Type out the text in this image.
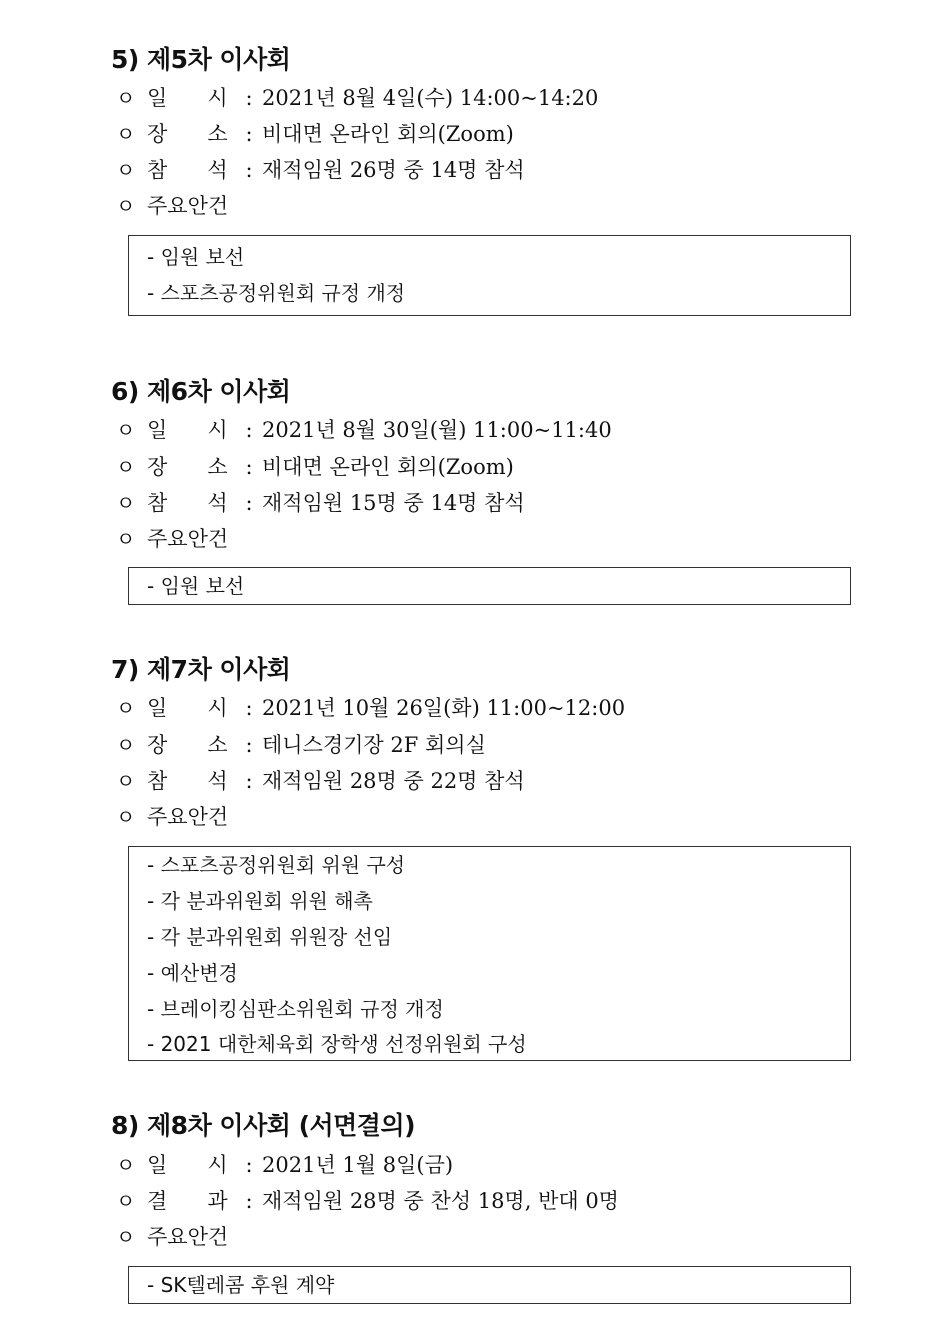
5) 제5차 이사회
ㅇ 일      시 : 2021년 8월 4일(수) 14:00~14:20
ㅇ 장      소 : 비대면 온라인 회의(Zoom)
ㅇ 참      석 : 재적임원 26명 중 14명 참석
ㅇ 주요안건
- 임원 보선
- 스포츠공정위원회 규정 개정
6) 제6차 이사회
ㅇ 일      시 : 2021년 8월 30일(월) 11:00~11:40
ㅇ 장      소 : 비대면 온라인 회의(Zoom)
ㅇ 참      석 : 재적임원 15명 중 14명 참석
ㅇ 주요안건
- 임원 보선
7) 제7차 이사회
ㅇ 일      시 : 2021년 10월 26일(화) 11:00~12:00
ㅇ 장      소 : 테니스경기장 2F 회의실
ㅇ 참      석 : 재적임원 28명 중 22명 참석
ㅇ 주요안건
- 스포츠공정위원회 위원 구성
- 각 분과위원회 위원 해촉
- 각 분과위원회 위원장 선임
- 예산변경
- 브레이킹심판소위원회 규정 개정
- 2021 대한체육회 장학생 선정위원회 구성
8) 제8차 이사회 (서면결의)
ㅇ 일      시 : 2021년 1월 8일(금)
ㅇ 결      과 : 재적임원 28명 중 찬성 18명, 반대 0명
ㅇ 주요안건
- SK텔레콤 후원 계약
